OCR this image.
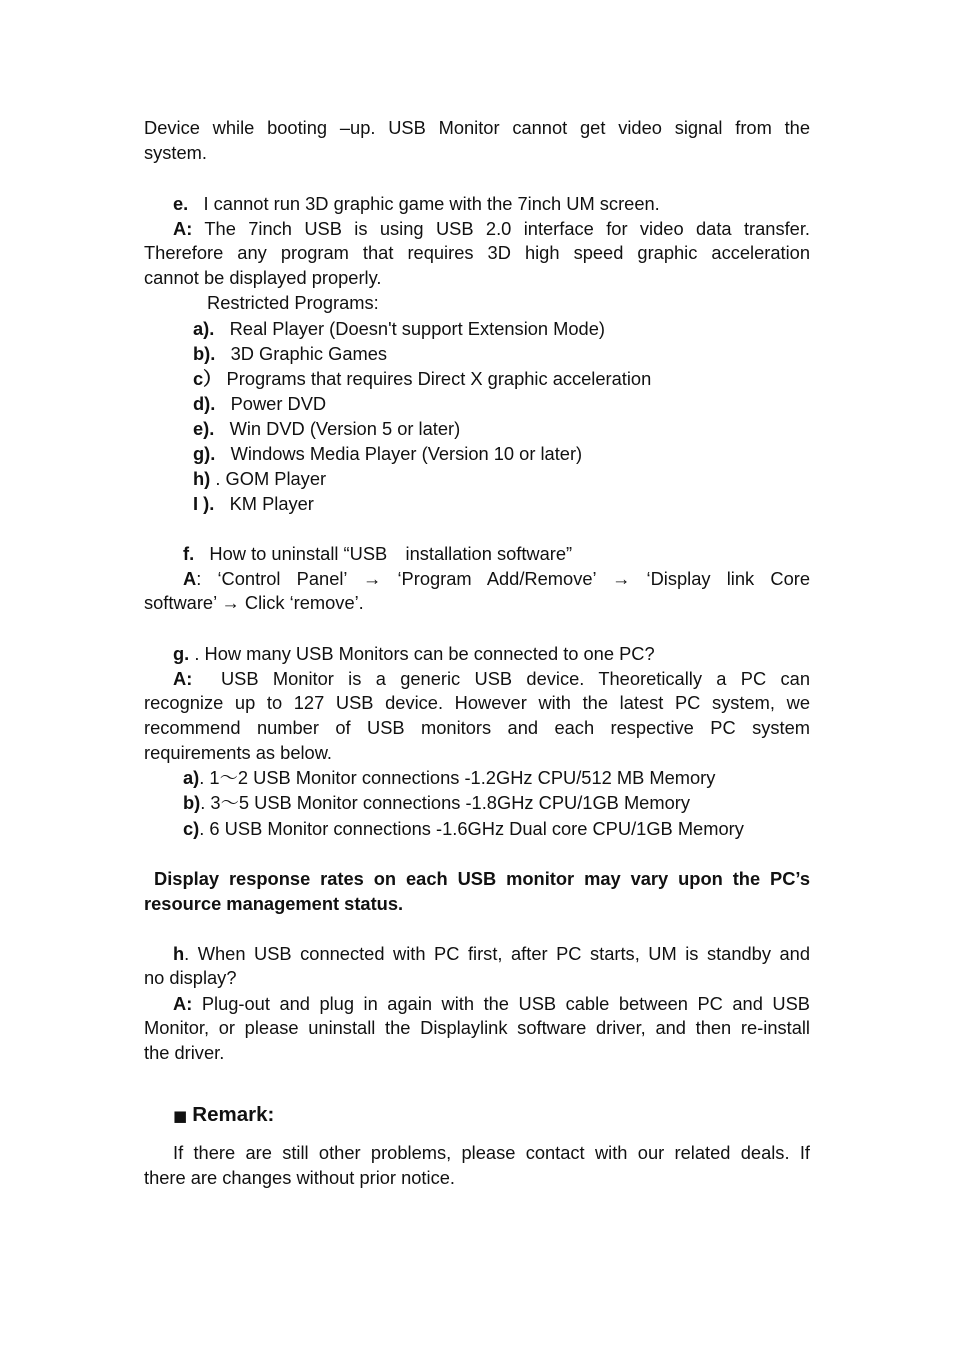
Device while booting –up. USB Monitor cannot get video signal from the
system.
e. I cannot run 3D graphic game with the 7inch UM screen.
A: The 7inch USB is using USB 2.0 interface for video data transfer.
Therefore any program that requires 3D high speed graphic acceleration
cannot be displayed properly.
Restricted Programs:
a). Real Player (Doesn't support Extension Mode)
b). 3D Graphic Games
c） Programs that requires Direct X graphic acceleration
d). Power DVD
e). Win DVD (Version 5 or later)
g). Windows Media Player (Version 10 or later)
h) . GOM Player
I ). KM Player
f. How to uninstall “USB　installation software”
A: ‘Control Panel’ → ‘Program Add/Remove’ → ‘Display link Core
software’ → Click ‘remove’.
g. . How many USB Monitors can be connected to one PC?
A: USB Monitor is a generic USB device. Theoretically a PC can
recognize up to 127 USB device. However with the latest PC system, we
recommend number of USB monitors and each respective PC system
requirements as below.
a). 1～2 USB Monitor connections -1.2GHz CPU/512 MB Memory
b). 3～5 USB Monitor connections -1.8GHz CPU/1GB Memory
c). 6 USB Monitor connections -1.6GHz Dual core CPU/1GB Memory
Display response rates on each USB monitor may vary upon the PC’s
resource management status.
h. When USB connected with PC first, after PC starts, UM is standby and
no display?
A: Plug-out and plug in again with the USB cable between PC and USB
Monitor, or please uninstall the Displaylink software driver, and then re-install
the driver.
■ Remark:
If there are still other problems, please contact with our related deals. If
there are changes without prior notice.
